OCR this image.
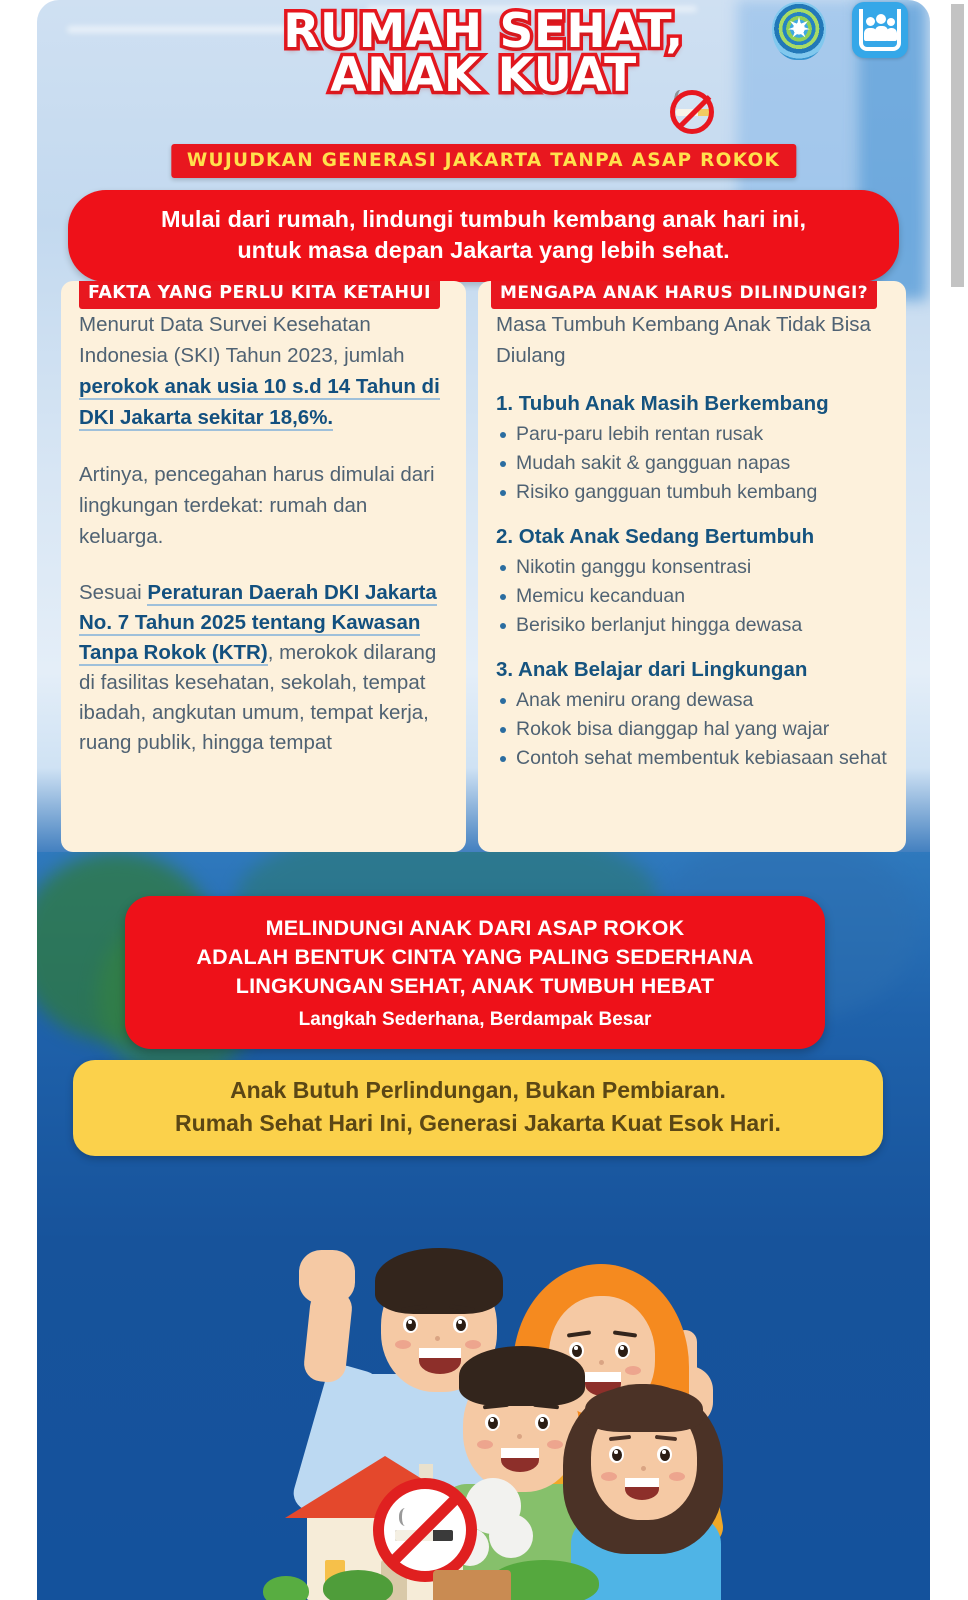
RUMAH SEHAT,
ANAK KUAT
WUJUDKAN GENERASI JAKARTA TANPA ASAP ROKOK
Mulai dari rumah, lindungi tumbuh kembang anak hari ini,
untuk masa depan Jakarta yang lebih sehat.
FAKTA YANG PERLU KITA KETAHUI
Menurut Data Survei Kesehatan Indonesia (SKI) Tahun 2023, jumlah perokok anak usia 10 s.d 14 Tahun di DKI Jakarta sekitar 18,6%.
Artinya, pencegahan harus dimulai dari lingkungan terdekat: rumah dan keluarga.
Sesuai Peraturan Daerah DKI Jakarta No. 7 Tahun 2025 tentang Kawasan Tanpa Rokok (KTR), merokok dilarang di fasilitas kesehatan, sekolah, tempat ibadah, angkutan umum, tempat kerja, ruang publik, hingga tempat
MENGAPA ANAK HARUS DILINDUNGI?
Masa Tumbuh Kembang Anak Tidak Bisa Diulang
1. Tubuh Anak Masih Berkembang
Paru-paru lebih rentan rusak
Mudah sakit & gangguan napas
Risiko gangguan tumbuh kembang
2. Otak Anak Sedang Bertumbuh
Nikotin ganggu konsentrasi
Memicu kecanduan
Berisiko berlanjut hingga dewasa
3. Anak Belajar dari Lingkungan
Anak meniru orang dewasa
Rokok bisa dianggap hal yang wajar
Contoh sehat membentuk kebiasaan sehat
MELINDUNGI ANAK DARI ASAP ROKOK
ADALAH BENTUK CINTA YANG PALING SEDERHANA
LINGKUNGAN SEHAT, ANAK TUMBUH HEBAT
Langkah Sederhana, Berdampak Besar
Anak Butuh Perlindungan, Bukan Pembiaran.
Rumah Sehat Hari Ini, Generasi Jakarta Kuat Esok Hari.
